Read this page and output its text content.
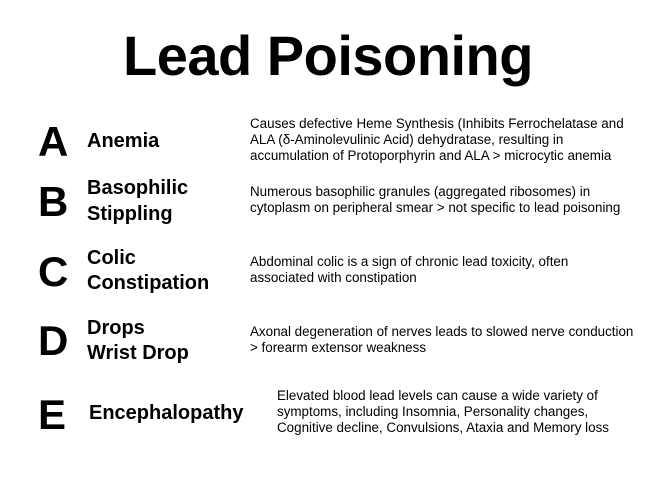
Lead Poisoning
A Anemia
Causes defective Heme Synthesis (Inhibits Ferrochelatase and
ALA (δ-Aminolevulinic Acid) dehydratase, resulting in
accumulation of Protoporphyrin and ALA > microcytic anemia
B Basophilic
Stippling
Numerous basophilic granules (aggregated ribosomes) in
cytoplasm on peripheral smear > not specific to lead poisoning
C Colic
Constipation
Abdominal colic is a sign of chronic lead toxicity, often
associated with constipation
D Drops
Wrist Drop
Axonal degeneration of nerves leads to slowed nerve conduction
> forearm extensor weakness
E Encephalopathy
Elevated blood lead levels can cause a wide variety of
symptoms, including Insomnia, Personality changes,
Cognitive decline, Convulsions, Ataxia and Memory loss
